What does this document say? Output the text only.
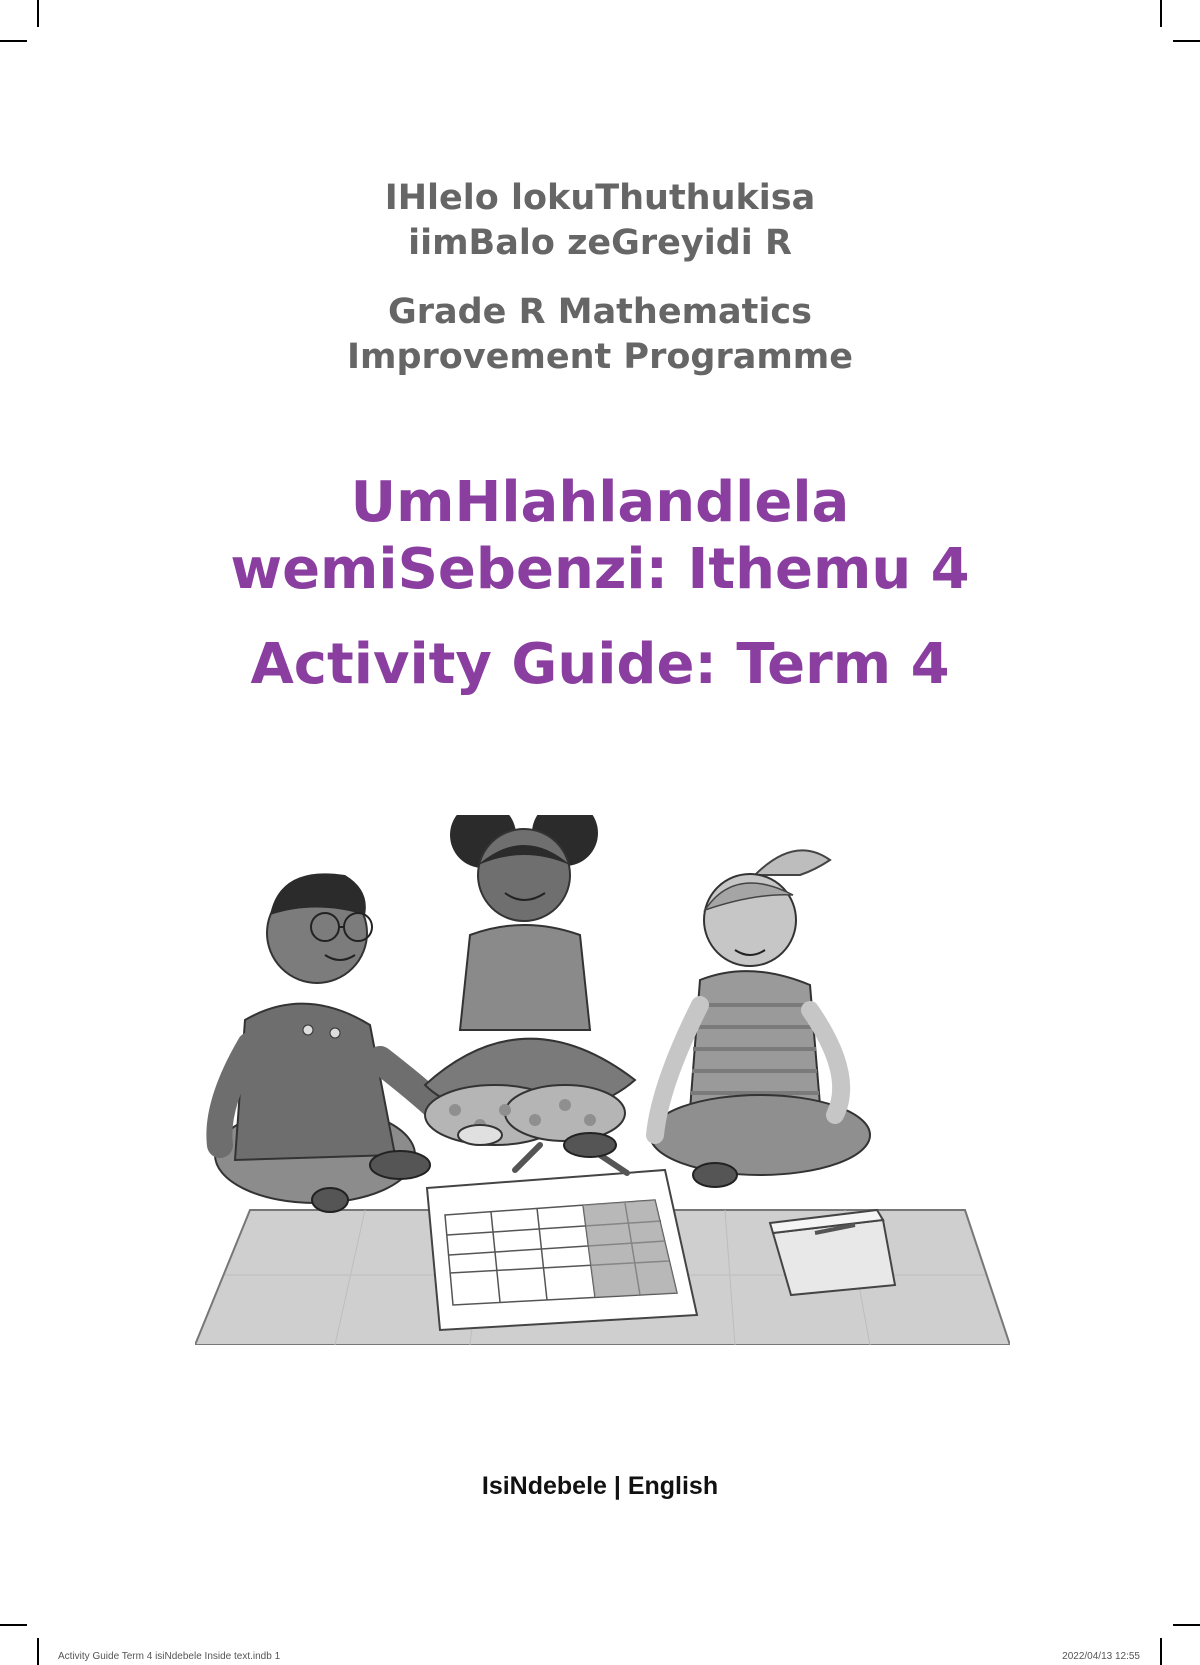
IHlelo lokuThuthukisa
iimBalo zeGreyidi R
Grade R Mathematics
Improvement Programme
UmHlahlandlela
wemiSebenzi: Ithemu 4
Activity Guide: Term 4
IsiNdebele | English
Activity Guide Term 4 isiNdebele Inside text.indb 1	2022/04/13 12:55
